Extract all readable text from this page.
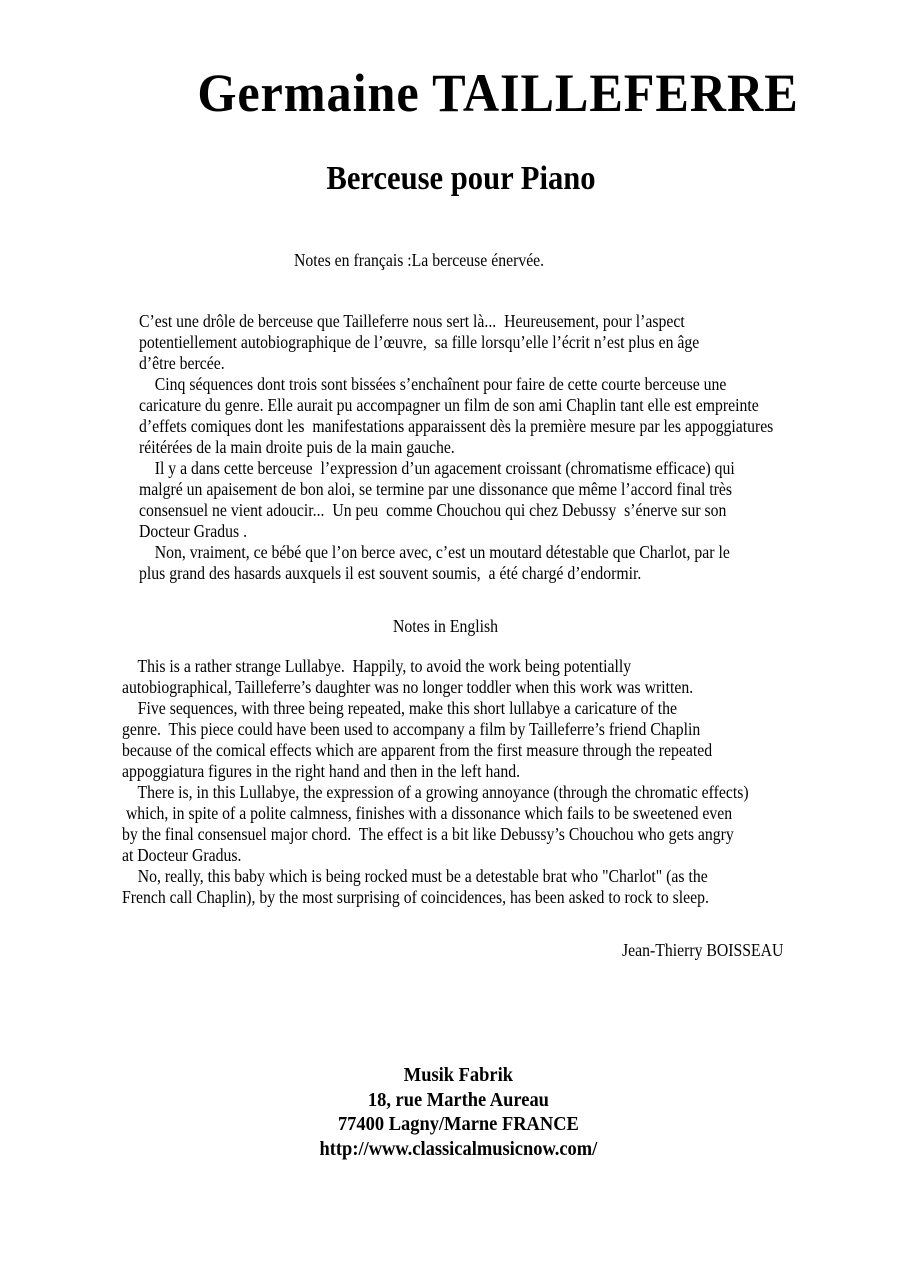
Germaine TAILLEFERRE
Berceuse pour Piano
Notes en français :La berceuse énervée.
C’est une drôle de berceuse que Tailleferre nous sert là...  Heureusement, pour l’aspect
potentiellement autobiographique de l’œuvre,  sa fille lorsqu’elle l’écrit n’est plus en âge
d’être bercée.
Cinq séquences dont trois sont bissées s’enchaînent pour faire de cette courte berceuse une
caricature du genre. Elle aurait pu accompagner un film de son ami Chaplin tant elle est empreinte
d’effets comiques dont les  manifestations apparaissent dès la première mesure par les appoggiatures
réitérées de la main droite puis de la main gauche.
Il y a dans cette berceuse  l’expression d’un agacement croissant (chromatisme efficace) qui
malgré un apaisement de bon aloi, se termine par une dissonance que même l’accord final très
consensuel ne vient adoucir...  Un peu  comme Chouchou qui chez Debussy  s’énerve sur son
Docteur Gradus .
Non, vraiment, ce bébé que l’on berce avec, c’est un moutard détestable que Charlot, par le
plus grand des hasards auxquels il est souvent soumis,  a été chargé d’endormir.
Notes in English
This is a rather strange Lullabye.  Happily, to avoid the work being potentially
autobiographical, Tailleferre’s daughter was no longer toddler when this work was written.
Five sequences, with three being repeated, make this short lullabye a caricature of the
genre.  This piece could have been used to accompany a film by Tailleferre’s friend Chaplin
because of the comical effects which are apparent from the first measure through the repeated
appoggiatura figures in the right hand and then in the left hand.
There is, in this Lullabye, the expression of a growing annoyance (through the chromatic effects)
which, in spite of a polite calmness, finishes with a dissonance which fails to be sweetened even
by the final consensuel major chord.  The effect is a bit like Debussy’s Chouchou who gets angry
at Docteur Gradus.
No, really, this baby which is being rocked must be a detestable brat who "Charlot" (as the
French call Chaplin), by the most surprising of coincidences, has been asked to rock to sleep.
Jean-Thierry BOISSEAU
Musik Fabrik
18, rue Marthe Aureau
77400 Lagny/Marne FRANCE
http://www.classicalmusicnow.com/
